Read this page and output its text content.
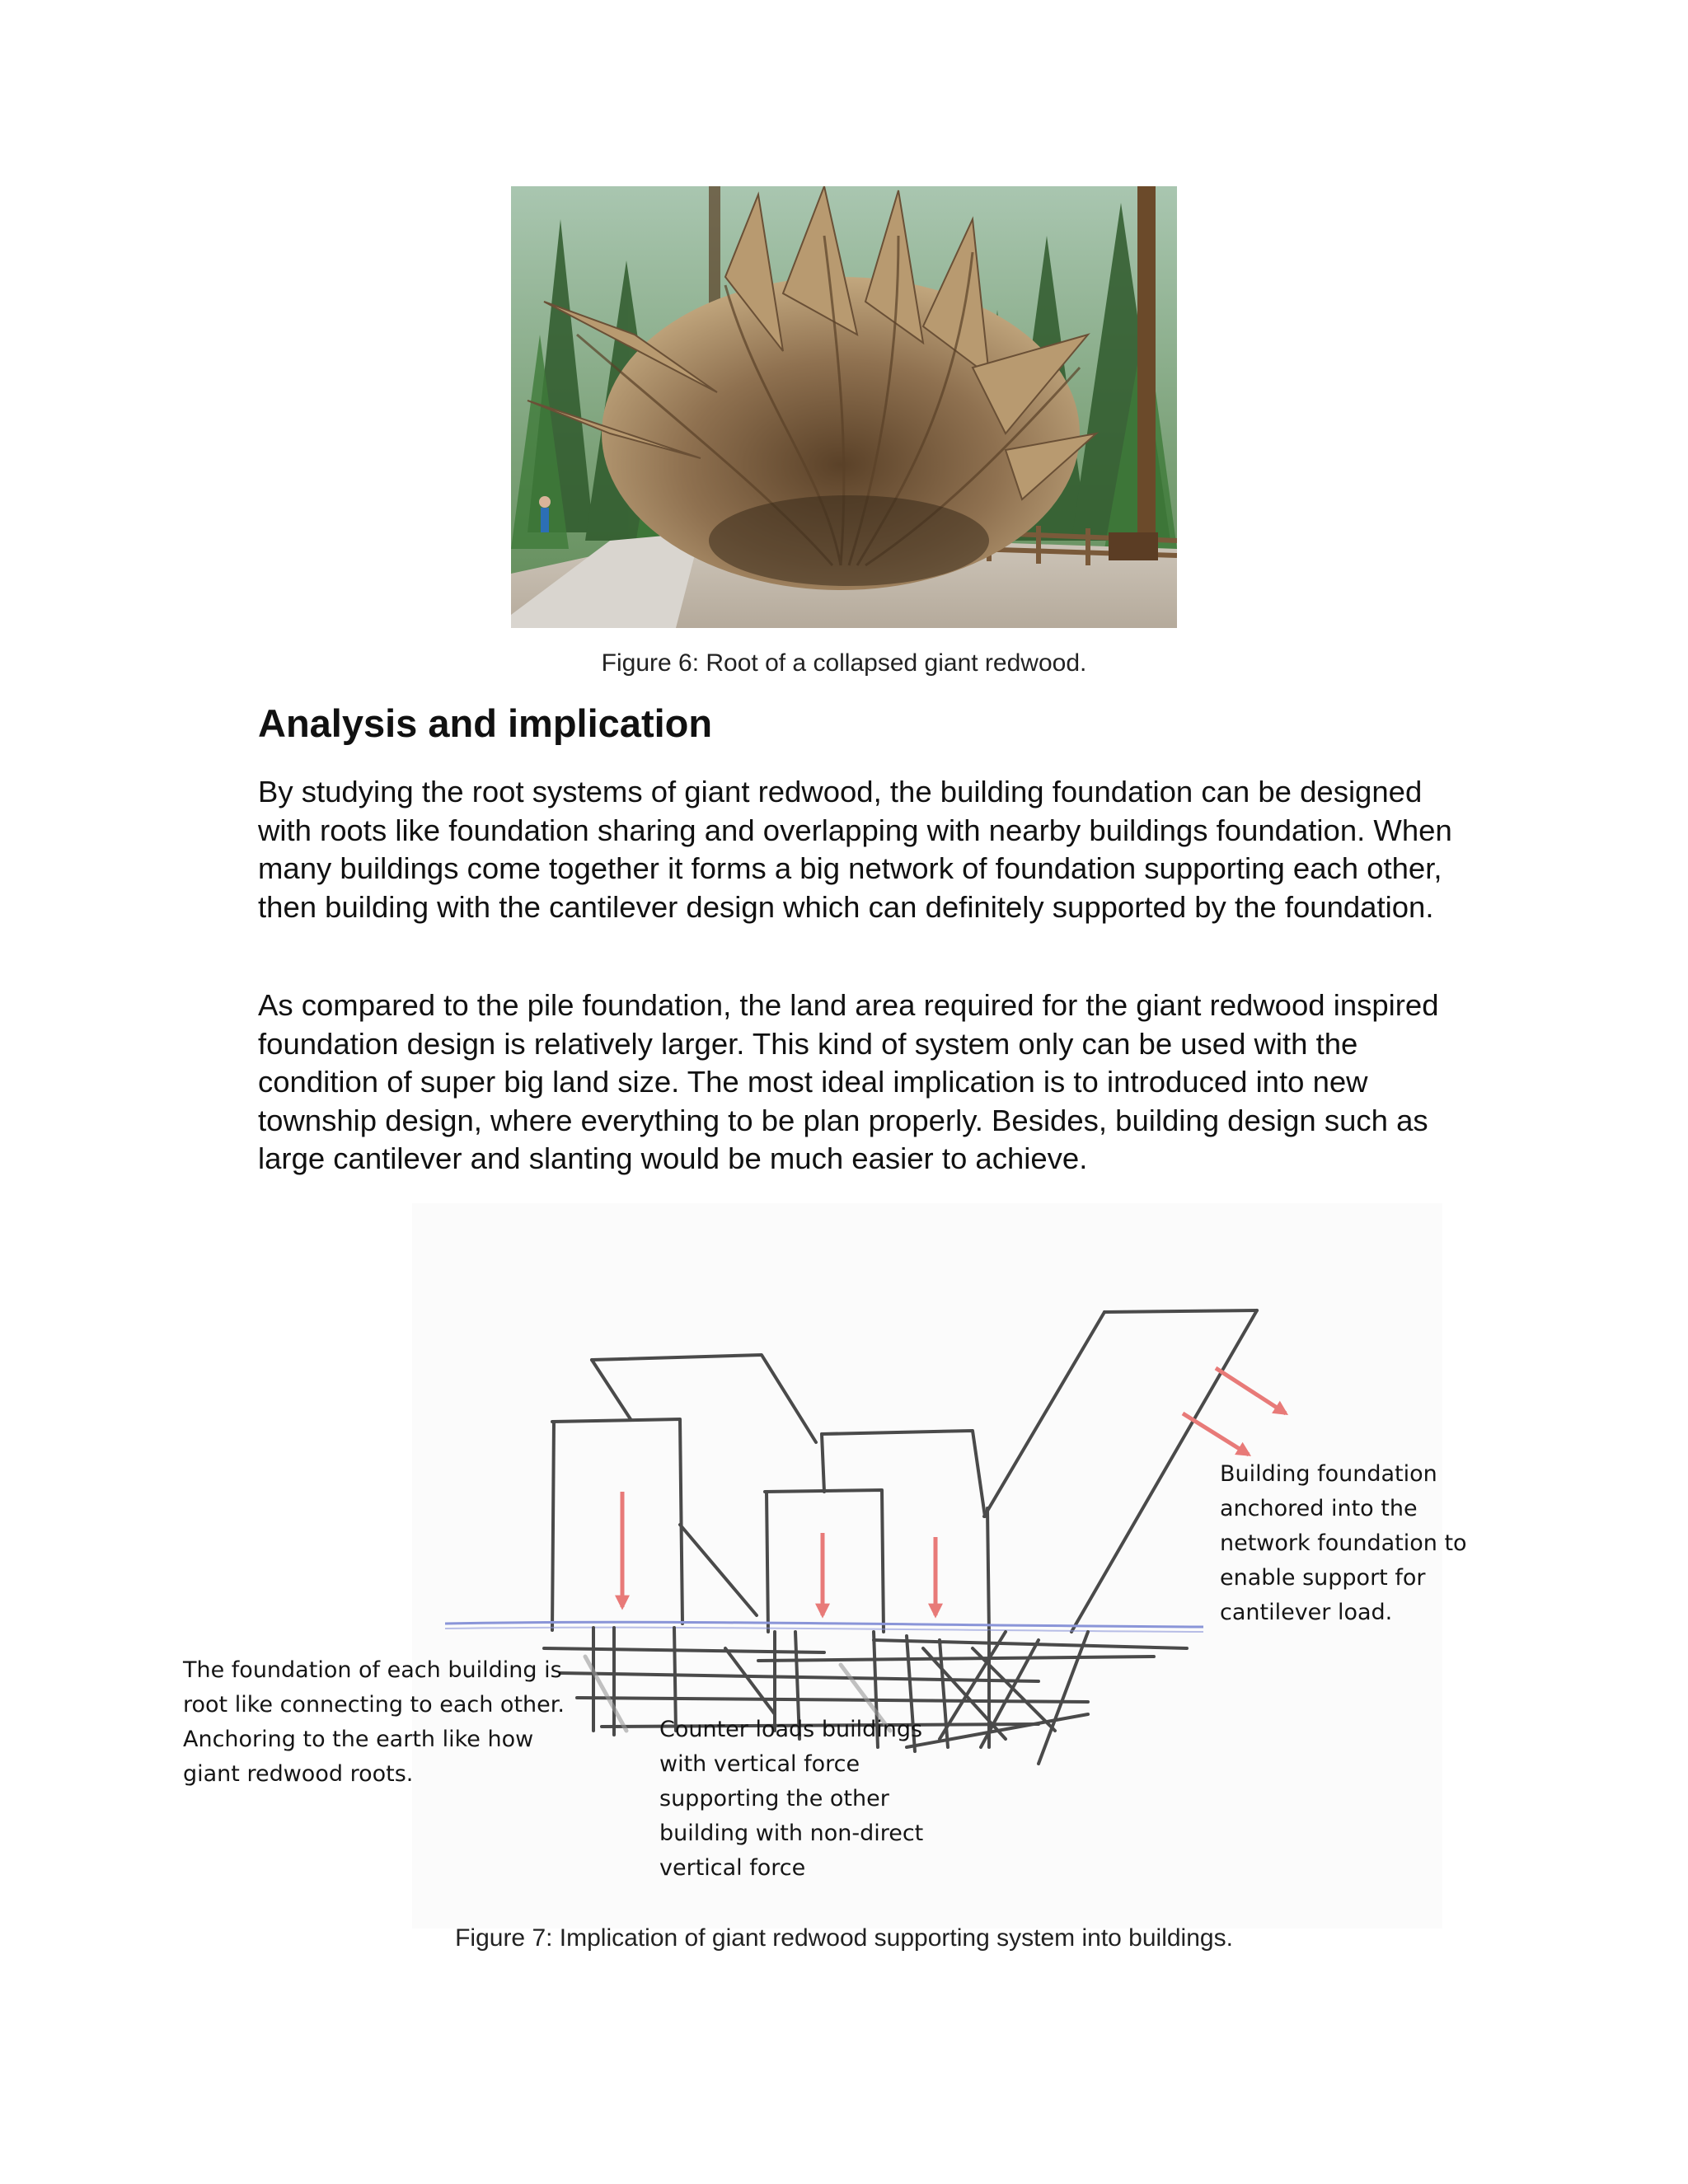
Figure 6: Root of a collapsed giant redwood.
Analysis and implication

By studying the root systems of giant redwood, the building foundation can be designed with roots like foundation sharing and overlapping with nearby buildings foundation. When many buildings come together it forms a big network of foundation supporting each other, then building with the cantilever design which can definitely supported by the foundation.

As compared to the pile foundation, the land area required for the giant redwood inspired foundation design is relatively larger. This kind of system only can be used with the condition of super big land size. The most ideal implication is to introduced into new township design, where everything to be plan properly. Besides, building design such as large cantilever and slanting would be much easier to achieve.

Building foundation
anchored into the
network foundation to
enable support for
cantilever load.
The foundation of each building is
root like connecting to each other.
Anchoring to the earth like how
giant redwood roots.
Counter loads buildings
with vertical force
supporting the other
building with non-direct
vertical force
Figure 7: Implication of giant redwood supporting system into buildings.
